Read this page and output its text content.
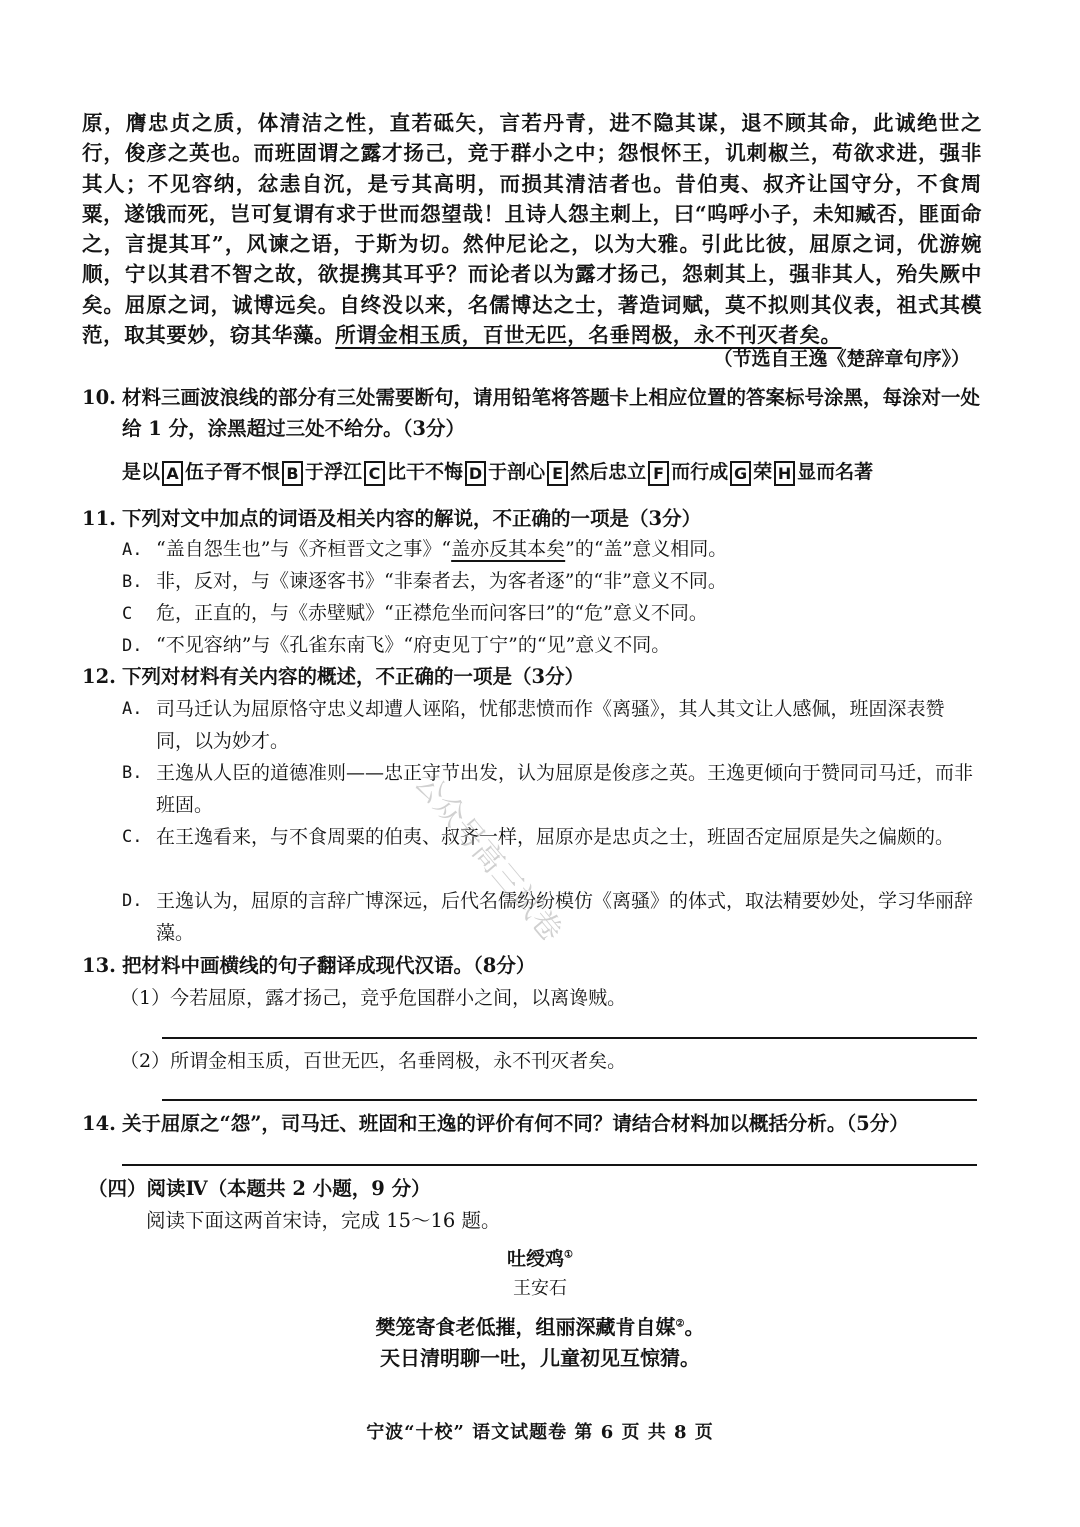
原，膺忠贞之质，体清洁之性，直若砥矢，言若丹青，进不隐其谋，退不顾其命，此诚绝世之行，俊彦之英也。而班固谓之露才扬己，竞于群小之中；怨恨怀王，讥刺椒兰，苟欲求进，强非其人；不见容纳，忿恚自沉，是亏其高明，而损其清洁者也。昔伯夷、叔齐让国守分，不食周粟，遂饿而死，岂可复谓有求于世而怨望哉！且诗人怨主刺上，曰“呜呼小子，未知臧否，匪面命之，言提其耳”，风谏之语，于斯为切。然仲尼论之，以为大雅。引此比彼，屈原之词，优游婉顺，宁以其君不智之故，欲提携其耳乎？而论者以为露才扬己，怨刺其上，强非其人，殆失厥中矣。屈原之词，诚博远矣。自终没以来，名儒博达之士，著造词赋，莫不拟则其仪表，祖式其模范，取其要妙，窃其华藻。所谓金相玉质，百世无匹，名垂罔极，永不刊灭者矣。

（节选自王逸《楚辞章句序》）
10. 材料三画波浪线的部分有三处需要断句，请用铅笔将答题卡上相应位置的答案标号涂黑，每涂对一处给 1 分，涂黑超过三处不给分。（3分）
是以 A 伍子胥不恨 B 于浮江 C 比干不悔 D 于剖心 E 然后忠立 F 而行成 G 荣 H 显而名著
11. 下列对文中加点的词语及相关内容的解说，不正确的一项是（3分）
A. “盖自怨生也”与《齐桓晋文之事》“盖亦反其本矣”的“盖”意义相同。
B. 非，反对，与《谏逐客书》“非秦者去，为客者逐”的“非”意义不同。
C 危，正直的，与《赤壁赋》“正襟危坐而问客曰”的“危”意义不同。
D. “不见容纳”与《孔雀东南飞》“府吏见丁宁”的“见”意义不同。
12. 下列对材料有关内容的概述，不正确的一项是（3分）
A. 司马迁认为屈原恪守忠义却遭人诬陷，忧郁悲愤而作《离骚》，其人其文让人感佩，班固深表赞同，以为妙才。
B. 王逸从人臣的道德准则——忠正守节出发，认为屈原是俊彦之英。王逸更倾向于赞同司马迁，而非班固。
C. 在王逸看来，与不食周粟的伯夷、叔齐一样，屈原亦是忠贞之士，班固否定屈原是失之偏颇的。
D. 王逸认为，屈原的言辞广博深远，后代名儒纷纷模仿《离骚》的体式，取法精要妙处，学习华丽辞藻。
13. 把材料中画横线的句子翻译成现代汉语。（8分）
（1）今若屈原，露才扬己，竞乎危国群小之间，以离谗贼。
（2）所谓金相玉质，百世无匹，名垂罔极，永不刊灭者矣。
14. 关于屈原之“怨”，司马迁、班固和王逸的评价有何不同？请结合材料加以概括分析。（5分）
（四）阅读Ⅳ（本题共 2 小题，9 分）
阅读下面这两首宋诗，完成 15～16 题。
吐绶鸡①
王安石
樊笼寄食老低摧，组丽深藏肯自媒②。
天日清明聊一吐，儿童初见互惊猜。
宁波“十校” 语文试题卷 第 6 页 共 8 页
公众号高三试卷
